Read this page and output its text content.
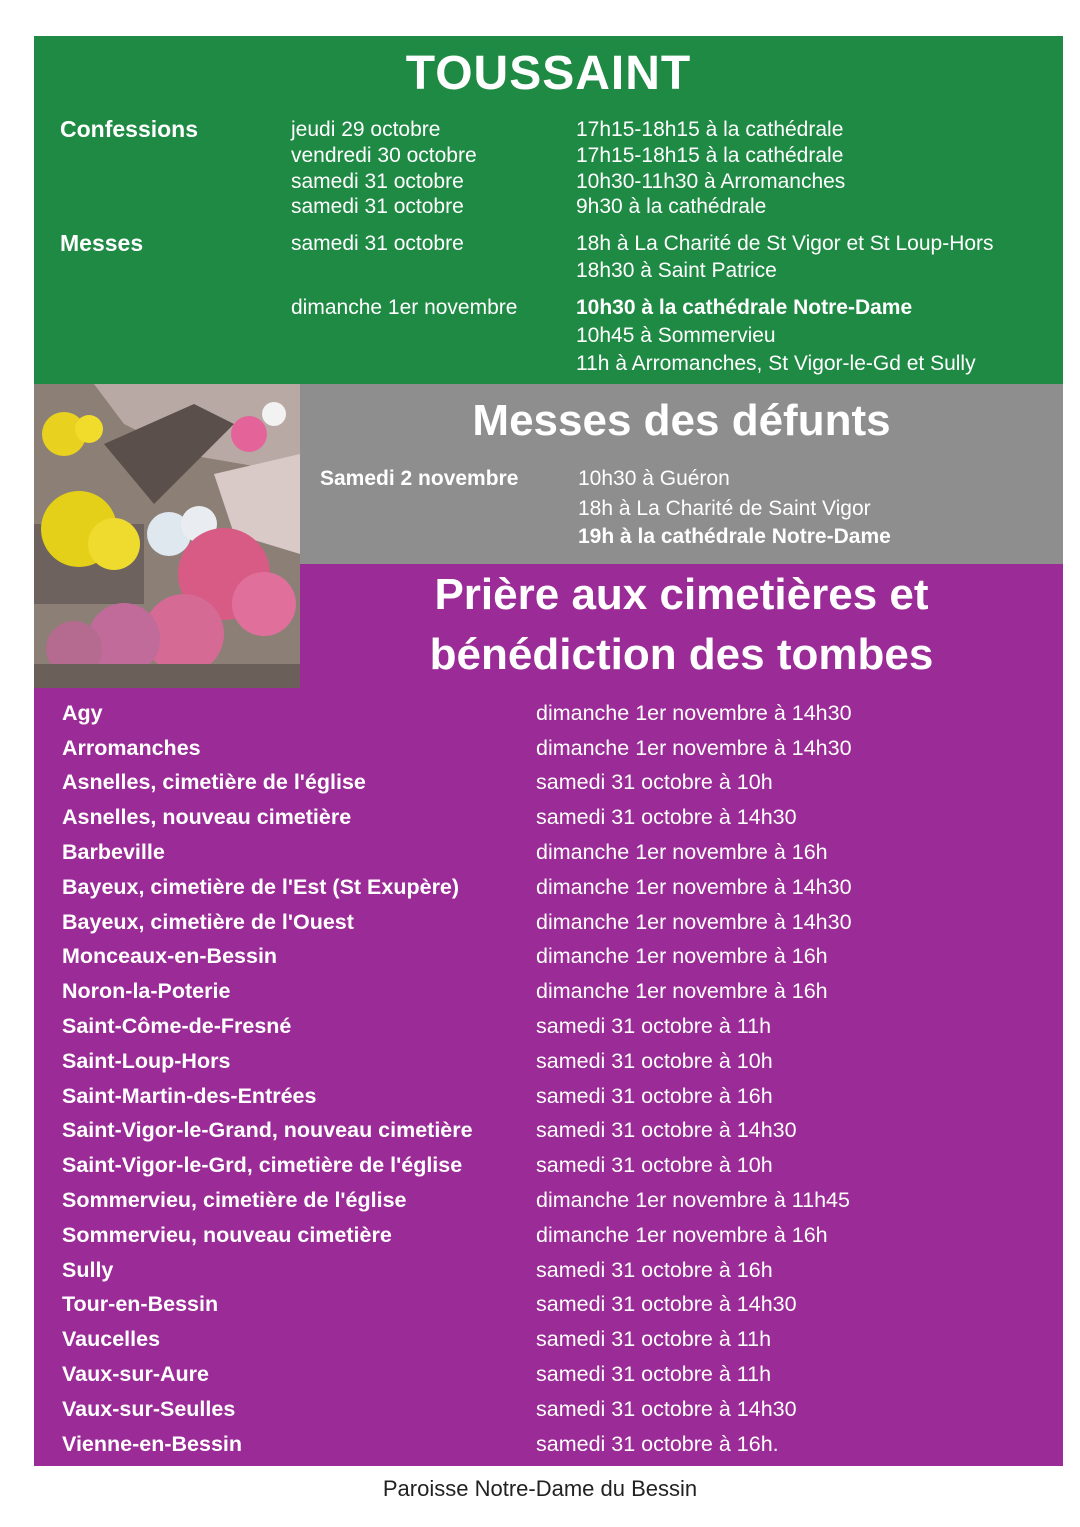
TOUSSAINT
Confessions	jeudi 29 octobre	17h15-18h15 à la cathédrale
vendredi 30 octobre	17h15-18h15 à la cathédrale
samedi 31 octobre	10h30-11h30 à Arromanches
samedi 31 octobre	9h30 à la cathédrale
Messes	samedi 31 octobre	18h à La Charité de St Vigor et St Loup-Hors
18h30 à Saint Patrice
dimanche 1er novembre	10h30 à la cathédrale Notre-Dame
10h45 à Sommervieu
11h à Arromanches, St Vigor-le-Gd et Sully
Messes des défunts
Samedi 2 novembre	10h30 à Guéron
18h à La Charité de Saint Vigor
19h à la cathédrale Notre-Dame
Prière aux cimetières et
bénédiction des tombes
Agy	dimanche 1er novembre à 14h30
Arromanches	dimanche 1er novembre à 14h30
Asnelles, cimetière de l'église	samedi 31 octobre à 10h
Asnelles, nouveau cimetière	samedi 31 octobre à 14h30
Barbeville	dimanche 1er novembre à 16h
Bayeux, cimetière de l'Est (St Exupère)	dimanche 1er novembre à 14h30
Bayeux, cimetière de l'Ouest	dimanche 1er novembre à 14h30
Monceaux-en-Bessin	dimanche 1er novembre à 16h
Noron-la-Poterie	dimanche 1er novembre à 16h
Saint-Côme-de-Fresné	samedi 31 octobre à 11h
Saint-Loup-Hors	samedi 31 octobre à 10h
Saint-Martin-des-Entrées	samedi 31 octobre à 16h
Saint-Vigor-le-Grand, nouveau cimetière	samedi 31 octobre à 14h30
Saint-Vigor-le-Grd, cimetière de l'église	samedi 31 octobre à 10h
Sommervieu, cimetière de l'église	dimanche 1er novembre à 11h45
Sommervieu, nouveau cimetière	dimanche 1er novembre à 16h
Sully	samedi 31 octobre à 16h
Tour-en-Bessin	samedi 31 octobre à 14h30
Vaucelles	samedi 31 octobre à 11h
Vaux-sur-Aure	samedi 31 octobre à 11h
Vaux-sur-Seulles	samedi 31 octobre à 14h30
Vienne-en-Bessin	samedi 31 octobre à 16h.
Paroisse Notre-Dame du Bessin
